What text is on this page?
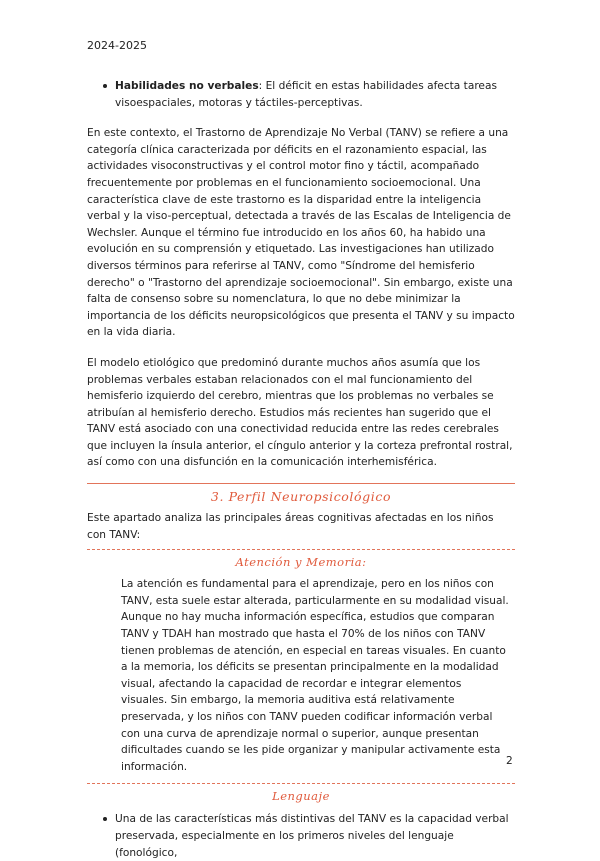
2024-2025

Habilidades no verbales: El déficit en estas habilidades afecta tareas visoespaciales, motoras y táctiles-perceptivas.

En este contexto, el Trastorno de Aprendizaje No Verbal (TANV) se refiere a una categoría clínica caracterizada por déficits en el razonamiento espacial, las actividades visoconstructivas y el control motor fino y táctil, acompañado frecuentemente por problemas en el funcionamiento socioemocional. Una característica clave de este trastorno es la disparidad entre la inteligencia verbal y la viso-perceptual, detectada a través de las Escalas de Inteligencia de Wechsler. Aunque el término fue introducido en los años 60, ha habido una evolución en su comprensión y etiquetado. Las investigaciones han utilizado diversos términos para referirse al TANV, como "Síndrome del hemisferio derecho" o "Trastorno del aprendizaje socioemocional". Sin embargo, existe una falta de consenso sobre su nomenclatura, lo que no debe minimizar la importancia de los déficits neuropsicológicos que presenta el TANV y su impacto en la vida diaria.

El modelo etiológico que predominó durante muchos años asumía que los problemas verbales estaban relacionados con el mal funcionamiento del hemisferio izquierdo del cerebro, mientras que los problemas no verbales se atribuían al hemisferio derecho. Estudios más recientes han sugerido que el TANV está asociado con una conectividad reducida entre las redes cerebrales que incluyen la ínsula anterior, el cíngulo anterior y la corteza prefrontal rostral, así como con una disfunción en la comunicación interhemisférica.

3. Perfil Neuropsicológico

Este apartado analiza las principales áreas cognitivas afectadas en los niños con TANV:

Atención y Memoria:

La atención es fundamental para el aprendizaje, pero en los niños con TANV, esta suele estar alterada, particularmente en su modalidad visual. Aunque no hay mucha información específica, estudios que comparan TANV y TDAH han mostrado que hasta el 70% de los niños con TANV tienen problemas de atención, en especial en tareas visuales. En cuanto a la memoria, los déficits se presentan principalmente en la modalidad visual, afectando la capacidad de recordar e integrar elementos visuales. Sin embargo, la memoria auditiva está relativamente preservada, y los niños con TANV pueden codificar información verbal con una curva de aprendizaje normal o superior, aunque presentan dificultades cuando se les pide organizar y manipular activamente esta información.

Lenguaje

Una de las características más distintivas del TANV es la capacidad verbal preservada, especialmente en los primeros niveles del lenguaje (fonológico,

2
